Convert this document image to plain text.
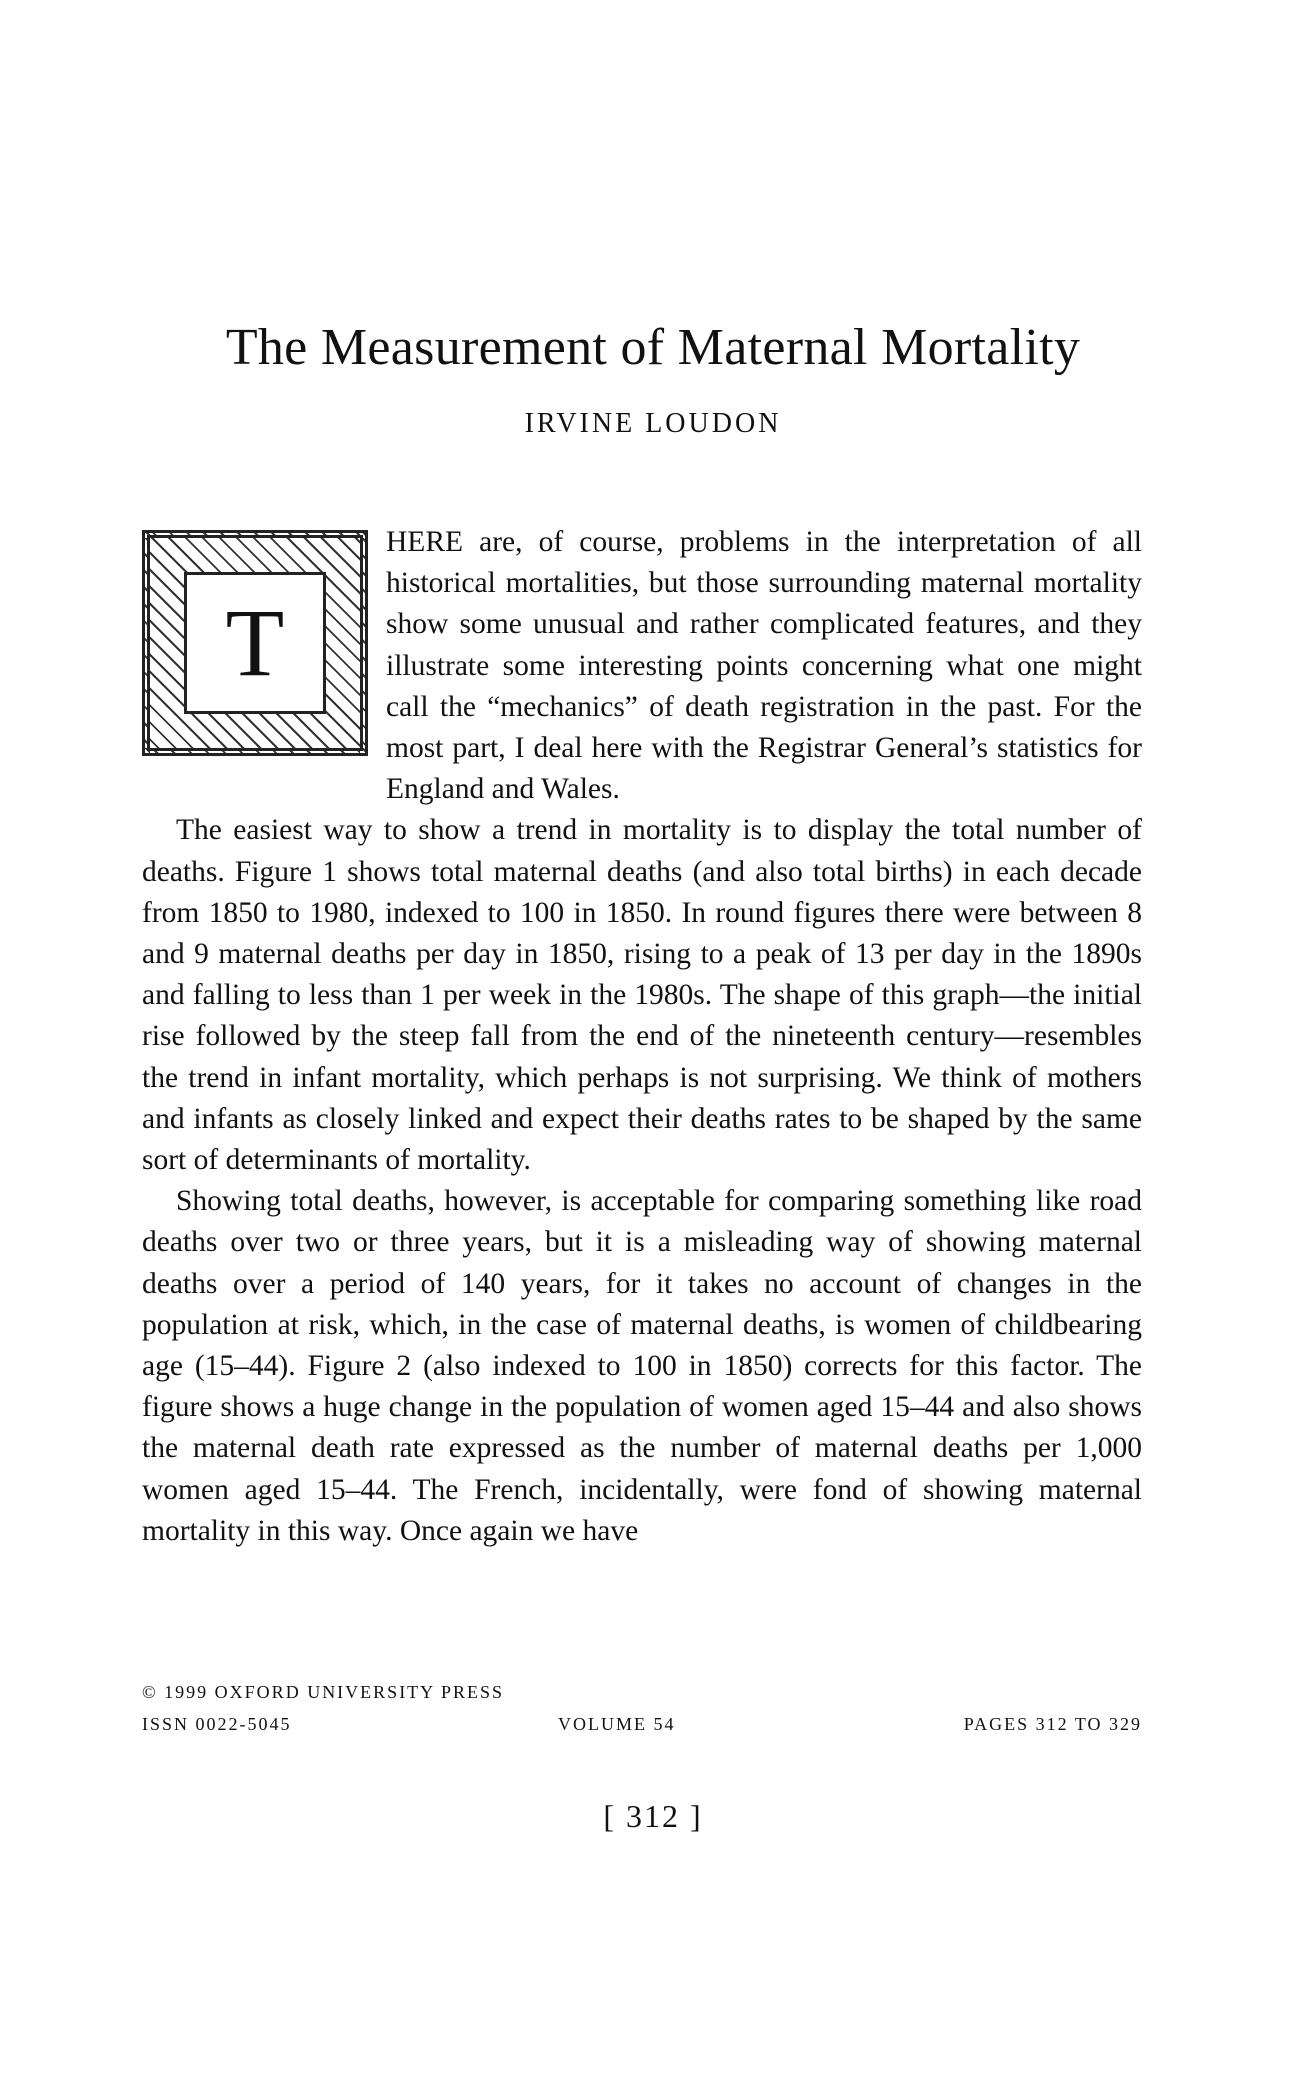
The Measurement of Maternal Mortality
IRVINE LOUDON
T

HERE are, of course, problems in the interpretation of all historical mortalities, but those surrounding maternal mortality show some unusual and rather complicated features, and they illustrate some interesting points concerning what one might call the “mechanics” of death registration in the past. For the most part, I deal here with the Registrar General’s statistics for England and Wales.

The easiest way to show a trend in mortality is to display the total number of deaths. Figure 1 shows total maternal deaths (and also total births) in each decade from 1850 to 1980, indexed to 100 in 1850. In round figures there were between 8 and 9 maternal deaths per day in 1850, rising to a peak of 13 per day in the 1890s and falling to less than 1 per week in the 1980s. The shape of this graph—the initial rise followed by the steep fall from the end of the nineteenth century—resembles the trend in infant mortality, which perhaps is not surprising. We think of mothers and infants as closely linked and expect their deaths rates to be shaped by the same sort of determinants of mortality.

Showing total deaths, however, is acceptable for comparing something like road deaths over two or three years, but it is a misleading way of showing maternal deaths over a period of 140 years, for it takes no account of changes in the population at risk, which, in the case of maternal deaths, is women of childbearing age (15–44). Figure 2 (also indexed to 100 in 1850) corrects for this factor. The figure shows a huge change in the population of women aged 15–44 and also shows the maternal death rate expressed as the number of maternal deaths per 1,000 women aged 15–44. The French, incidentally, were fond of showing maternal mortality in this way. Once again we have

© 1999 OXFORD UNIVERSITY PRESS
ISSN 0022-5045	VOLUME 54	PAGES 312 TO 329
[ 312 ]
